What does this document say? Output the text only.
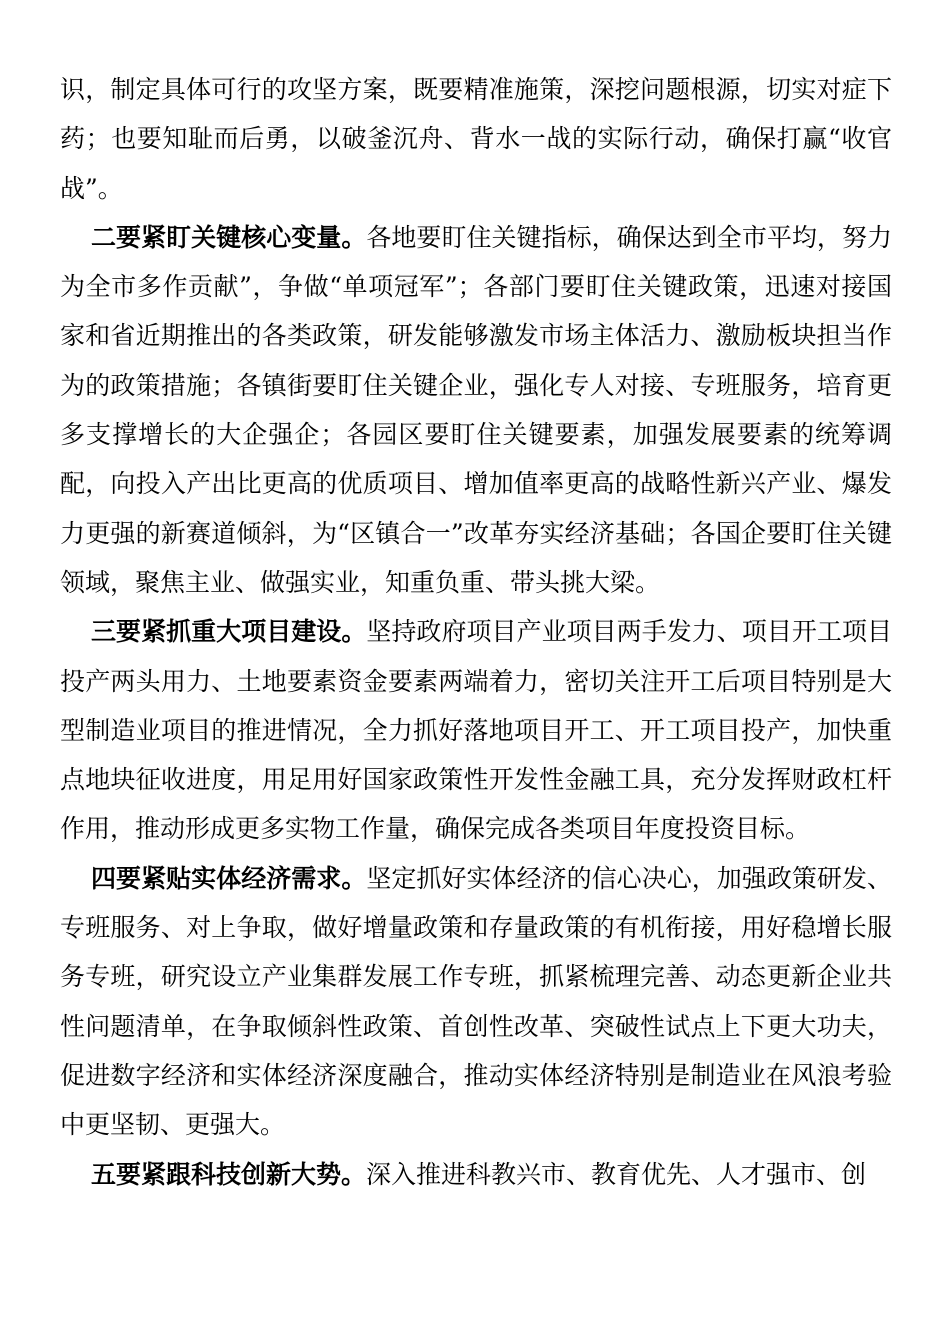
识，制定具体可行的攻坚方案，既要精准施策，深挖问题根源，切实对症下药；也要知耻而后勇，以破釜沉舟、背水一战的实际行动，确保打赢“收官战”。

二要紧盯关键核心变量。各地要盯住关键指标，确保达到全市平均，努力为全市多作贡献”，争做“单项冠军”；各部门要盯住关键政策，迅速对接国家和省近期推出的各类政策，研发能够激发市场主体活力、激励板块担当作为的政策措施；各镇街要盯住关键企业，强化专人对接、专班服务，培育更多支撑增长的大企强企；各园区要盯住关键要素，加强发展要素的统筹调配，向投入产出比更高的优质项目、增加值率更高的战略性新兴产业、爆发力更强的新赛道倾斜，为“区镇合一”改革夯实经济基础；各国企要盯住关键领域，聚焦主业、做强实业，知重负重、带头挑大梁。

三要紧抓重大项目建设。坚持政府项目产业项目两手发力、项目开工项目投产两头用力、土地要素资金要素两端着力，密切关注开工后项目特别是大型制造业项目的推进情况，全力抓好落地项目开工、开工项目投产，加快重点地块征收进度，用足用好国家政策性开发性金融工具，充分发挥财政杠杆作用，推动形成更多实物工作量，确保完成各类项目年度投资目标。

四要紧贴实体经济需求。坚定抓好实体经济的信心决心，加强政策研发、专班服务、对上争取，做好增量政策和存量政策的有机衔接，用好稳增长服务专班，研究设立产业集群发展工作专班，抓紧梳理完善、动态更新企业共性问题清单，在争取倾斜性政策、首创性改革、突破性试点上下更大功夫，促进数字经济和实体经济深度融合，推动实体经济特别是制造业在风浪考验中更坚韧、更强大。

五要紧跟科技创新大势。深入推进科教兴市、教育优先、人才强市、创
